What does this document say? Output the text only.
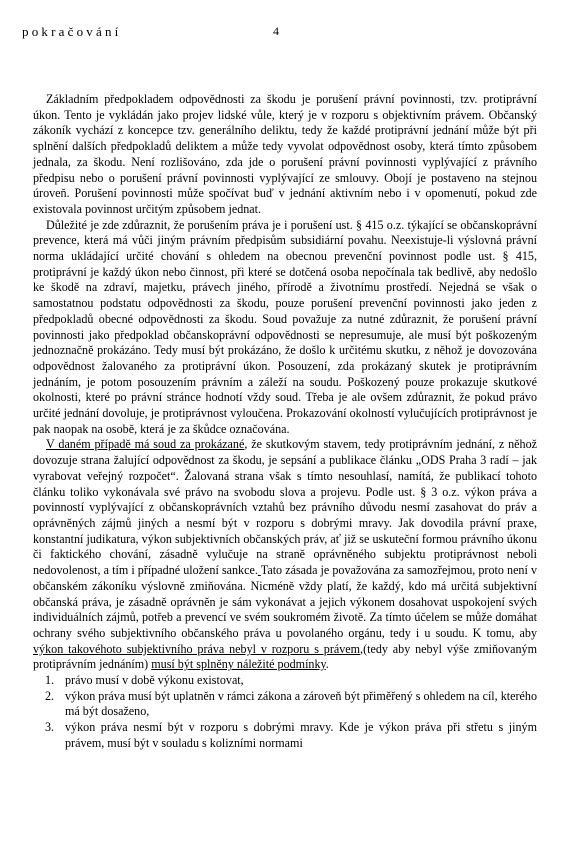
pokračování	4

Základním předpokladem odpovědnosti za škodu je porušení právní povinnosti, tzv. protiprávní úkon. Tento je vykládán jako projev lidské vůle, který je v rozporu s objektivním právem. Občanský zákoník vychází z koncepce tzv. generálního deliktu, tedy že každé protiprávní jednání může být při splnění dalších předpokladů deliktem a může tedy vyvolat odpovědnost osoby, která tímto způsobem jednala, za škodu. Není rozlišováno, zda jde o porušení právní povinnosti vyplývající z právního předpisu nebo o porušení právní povinnosti vyplývající ze smlouvy. Obojí je postaveno na stejnou úroveň. Porušení povinnosti může spočívat buď v jednání aktivním nebo i v opomenutí, pokud zde existovala povinnost určitým způsobem jednat.

Důležité je zde zdůraznit, že porušením práva je i porušení ust. § 415 o.z. týkající se občanskoprávní prevence, která má vůči jiným právním předpisům subsidiární povahu. Neexistuje-li výslovná právní norma ukládající určité chování s ohledem na obecnou prevenční povinnost podle ust. § 415, protiprávní je každý úkon nebo činnost, při které se dotčená osoba nepočínala tak bedlivě, aby nedošlo ke škodě na zdraví, majetku, právech jiného, přírodě a životnímu prostředí. Nejedná se však o samostatnou podstatu odpovědnosti za škodu, pouze porušení prevenční povinnosti jako jeden z předpokladů obecné odpovědnosti za škodu. Soud považuje za nutné zdůraznit, že porušení právní povinnosti jako předpoklad občanskoprávní odpovědnosti se nepresumuje, ale musí být poškozeným jednoznačně prokázáno. Tedy musí být prokázáno, že došlo k určitému skutku, z něhož je dovozována odpovědnost žalovaného za protiprávní úkon. Posouzení, zda prokázaný skutek je protiprávním jednáním, je potom posouzením právním a záleží na soudu. Poškozený pouze prokazuje skutkové okolnosti, které po právní stránce hodnotí vždy soud. Třeba je ale ovšem zdůraznit, že pokud právo určité jednání dovoluje, je protiprávnost vyloučena. Prokazování okolností vylučujících protiprávnost je pak naopak na osobě, která je za škůdce označována.

V daném případě má soud za prokázané, že skutkovým stavem, tedy protiprávním jednání, z něhož dovozuje strana žalující odpovědnost za škodu, je sepsání a publikace článku „ODS Praha 3 radí – jak vyrabovat veřejný rozpočet“. Žalovaná strana však s tímto nesouhlasí, namítá, že publikací tohoto článku toliko vykonávala své právo na svobodu slova a projevu. Podle ust. § 3 o.z. výkon práva a povinností vyplývající z občanskoprávních vztahů bez právního důvodu nesmí zasahovat do práv a oprávněných zájmů jiných a nesmí být v rozporu s dobrými mravy. Jak dovodila právní praxe, konstantní judikatura, výkon subjektivních občanských práv, ať již se uskuteční formou právního úkonu či faktického chování, zásadně vylučuje na straně oprávněného subjektu protiprávnost neboli nedovolenost, a tím i případné uložení sankce. Tato zásada je považována za samozřejmou, proto není v občanském zákoníku výslovně zmiňována. Nicméně vždy platí, že každý, kdo má určitá subjektivní občanská práva, je zásadně oprávněn je sám vykonávat a jejich výkonem dosahovat uspokojení svých individuálních zájmů, potřeb a prevencí ve svém soukromém životě. Za tímto účelem se může domáhat ochrany svého subjektivního občanského práva u povolaného orgánu, tedy i u soudu. K tomu, aby výkon takovéhoto subjektivního práva nebyl v rozporu s právem,(tedy aby nebyl výše zmiňovaným protiprávním jednáním) musí být splněny náležité podmínky.

1. právo musí v době výkonu existovat,
2. výkon práva musí být uplatněn v rámci zákona a zároveň být přiměřený s ohledem na cíl, kterého má být dosaženo,
3. výkon práva nesmí být v rozporu s dobrými mravy. Kde je výkon práva při střetu s jiným právem, musí být v souladu s kolizními normami
